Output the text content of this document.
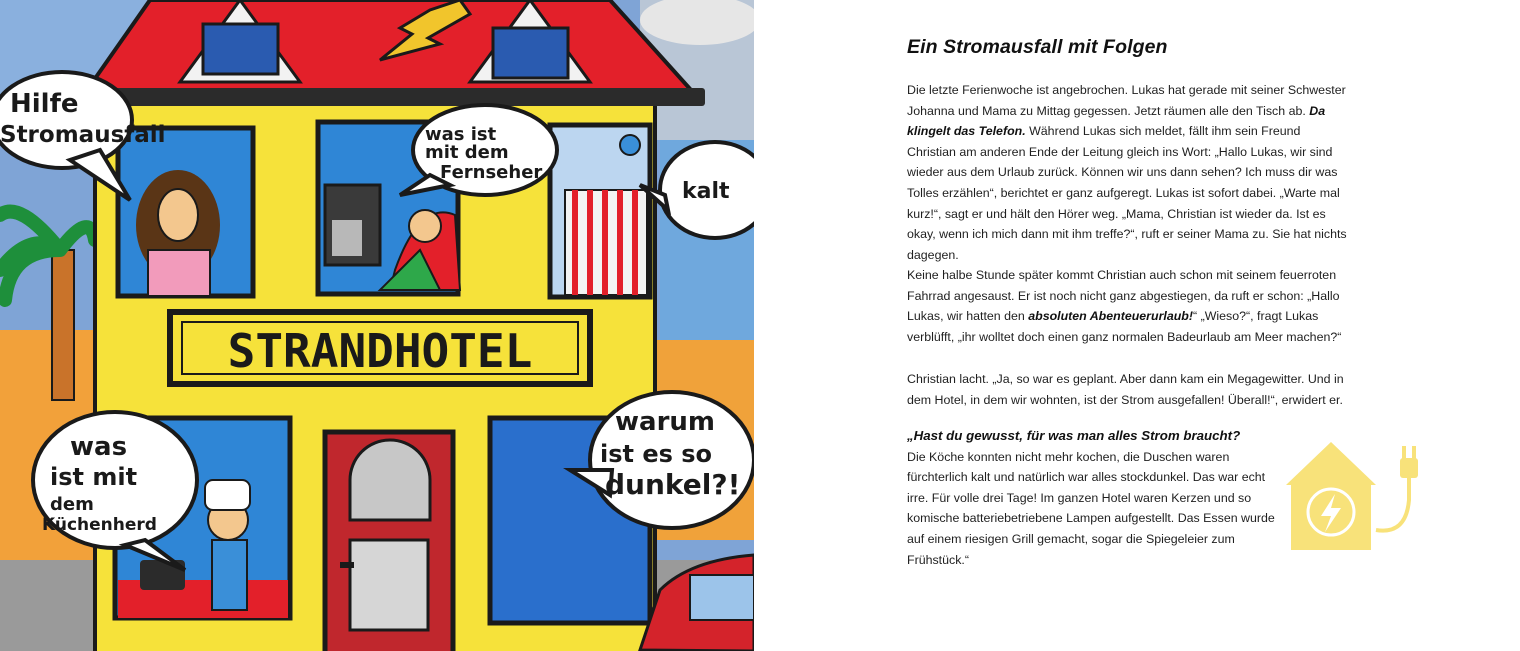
STRANDHOTEL
Hilfe
Stromausfall	was ist
mit dem
Fernseher
kalt
was
ist mit
dem
Küchenherd
warum
ist es so
dunkel?!
Ein Stromausfall mit Folgen

Die letzte Ferienwoche ist angebrochen. Lukas hat gerade mit seiner Schwester Johanna und Mama zu Mittag gegessen. Jetzt räumen alle den Tisch ab. Da klingelt das Telefon. Während Lukas sich meldet, fällt ihm sein Freund Christian am anderen Ende der Leitung gleich ins Wort: „Hallo Lukas, wir sind wieder aus dem Urlaub zurück. Können wir uns dann sehen? Ich muss dir was Tolles erzählen“, berichtet er ganz aufgeregt. Lukas ist sofort dabei. „Warte mal kurz!“, sagt er und hält den Hörer weg. „Mama, Christian ist wieder da. Ist es okay, wenn ich mich dann mit ihm treffe?“, ruft er seiner Mama zu. Sie hat nichts dagegen.

Keine halbe Stunde später kommt Christian auch schon mit seinem feuerroten Fahrrad angesaust. Er ist noch nicht ganz abgestiegen, da ruft er schon: „Hallo Lukas, wir hatten den absoluten Abenteuerurlaub!“ „Wieso?“, fragt Lukas verblüfft, „ihr wolltet doch einen ganz normalen Badeurlaub am Meer machen?“

Christian lacht. „Ja, so war es geplant. Aber dann kam ein Megagewitter. Und in dem Hotel, in dem wir wohnten, ist der Strom ausgefallen! Überall!“, erwidert er.

„Hast du gewusst, für was man alles Strom braucht?
Die Köche konnten nicht mehr kochen, die Duschen waren fürchterlich kalt und natürlich war alles stockdunkel. Das war echt irre. Für volle drei Tage! Im ganzen Hotel waren Kerzen und so komische batteriebetriebene Lampen aufgestellt. Das Essen wurde auf einem riesigen Grill gemacht, sogar die Spiegeleier zum Frühstück.“
